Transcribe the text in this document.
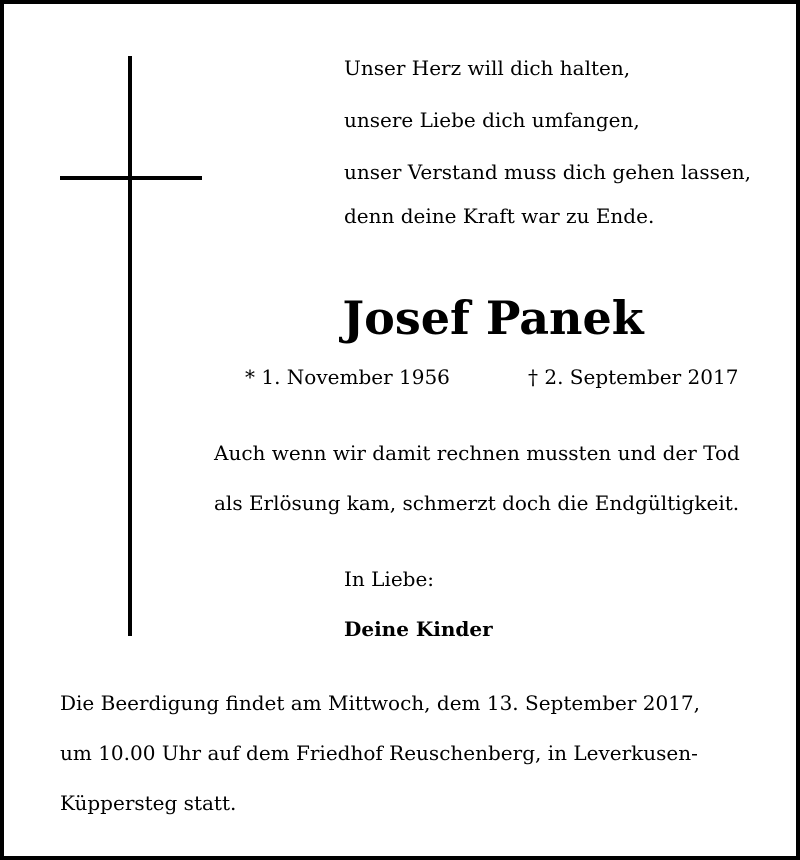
Unser Herz will dich halten,
unsere Liebe dich umfangen,
unser Verstand muss dich gehen lassen,
denn deine Kraft war zu Ende.
Josef Panek
* 1. November 1956	† 2. September 2017
Auch wenn wir damit rechnen mussten und der Tod
als Erlösung kam, schmerzt doch die Endgültigkeit.
In Liebe:
Deine Kinder
Die Beerdigung findet am Mittwoch, dem 13. September 2017,
um 10.00 Uhr auf dem Friedhof Reuschenberg, in Leverkusen-
Küppersteg statt.
